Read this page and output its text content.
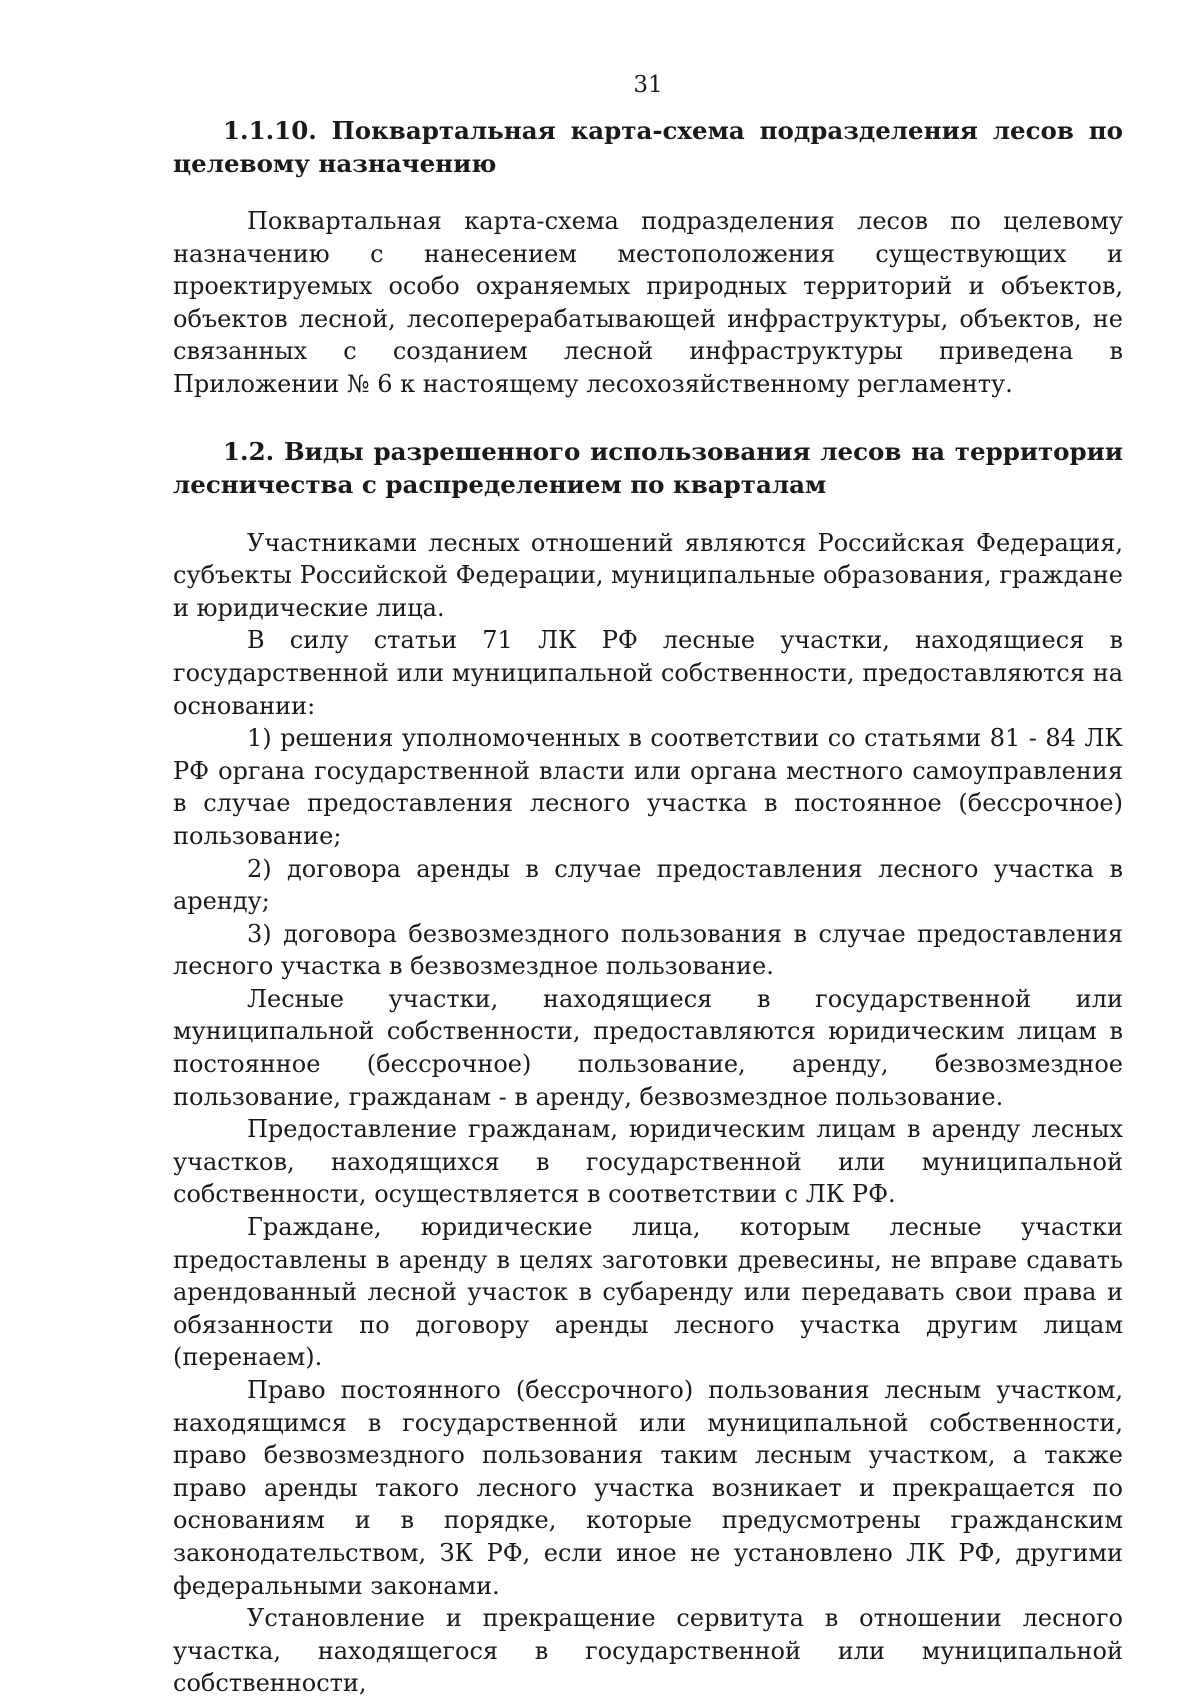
31
1.1.10. Поквартальная карта-схема подразделения лесов по целевому назначению

Поквартальная карта-схема подразделения лесов по целевому назначению с нанесением местоположения существующих и проектируемых особо охраняемых природных территорий и объектов, объектов лесной, лесоперерабатывающей инфраструктуры, объектов, не связанных с созданием лесной инфраструктуры приведена в Приложении № 6 к настоящему лесохозяйственному регламенту.

1.2. Виды разрешенного использования лесов на территории лесничества с распределением по кварталам

Участниками лесных отношений являются Российская Федерация, субъекты Российской Федерации, муниципальные образования, граждане и юридические лица.

В силу статьи 71 ЛК РФ лесные участки, находящиеся в государственной или муниципальной собственности, предоставляются на основании:

1) решения уполномоченных в соответствии со статьями 81 - 84 ЛК РФ органа государственной власти или органа местного самоуправления в случае предоставления лесного участка в постоянное (бессрочное) пользование;

2) договора аренды в случае предоставления лесного участка в аренду;

3) договора безвозмездного пользования в случае предоставления лесного участка в безвозмездное пользование.

Лесные участки, находящиеся в государственной или муниципальной собственности, предоставляются юридическим лицам в постоянное (бессрочное) пользование, аренду, безвозмездное пользование, гражданам - в аренду, безвозмездное пользование.

Предоставление гражданам, юридическим лицам в аренду лесных участков, находящихся в государственной или муниципальной собственности, осуществляется в соответствии с ЛК РФ.

Граждане, юридические лица, которым лесные участки предоставлены в аренду в целях заготовки древесины, не вправе сдавать арендованный лесной участок в субаренду или передавать свои права и обязанности по договору аренды лесного участка другим лицам (перенаем).

Право постоянного (бессрочного) пользования лесным участком, находящимся в государственной или муниципальной собственности, право безвозмездного пользования таким лесным участком, а также право аренды такого лесного участка возникает и прекращается по основаниям и в порядке, которые предусмотрены гражданским законодательством, ЗК РФ, если иное не установлено ЛК РФ, другими федеральными законами.

Установление и прекращение сервитута в отношении лесного участка, находящегося в государственной или муниципальной собственности,
